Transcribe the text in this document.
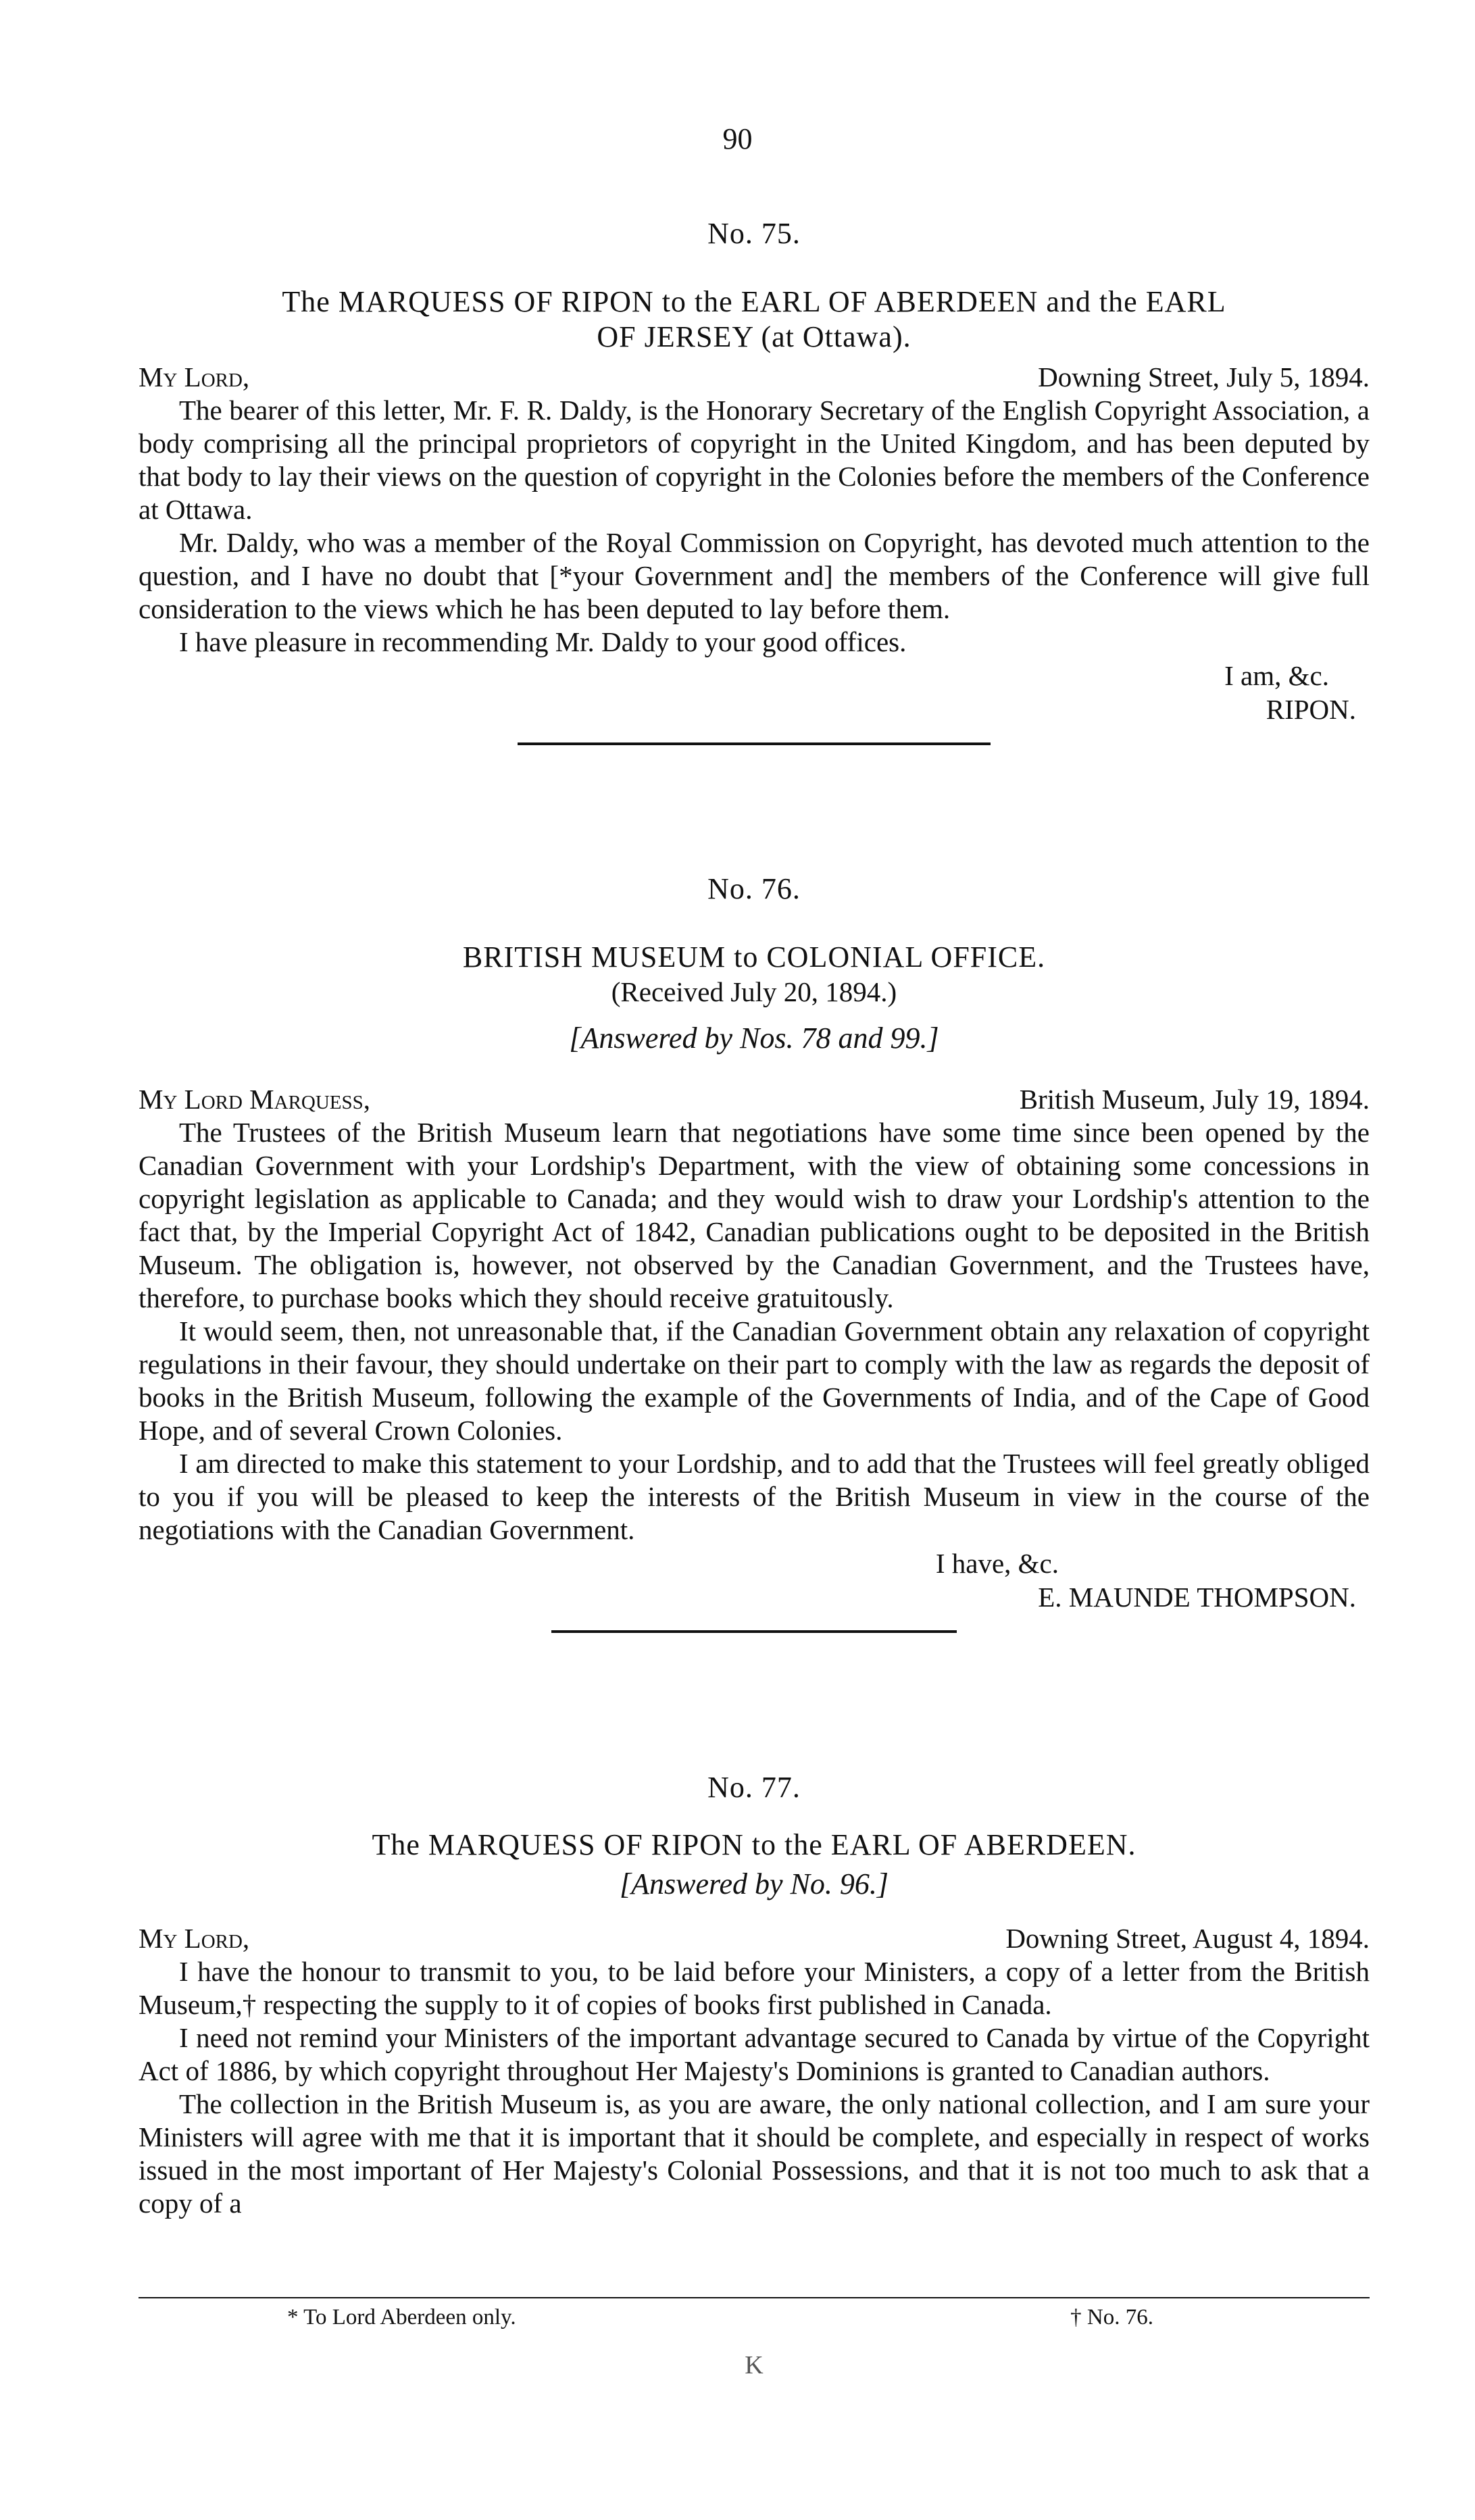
90
No. 75.
The MARQUESS OF RIPON to the EARL OF ABERDEEN and the EARL
OF JERSEY (at Ottawa).
My Lord,	Downing Street, July 5, 1894.

The bearer of this letter, Mr. F. R. Daldy, is the Honorary Secretary of the English Copyright Association, a body comprising all the principal proprietors of copyright in the United Kingdom, and has been deputed by that body to lay their views on the question of copyright in the Colonies before the members of the Conference at Ottawa.

Mr. Daldy, who was a member of the Royal Commission on Copyright, has devoted much attention to the question, and I have no doubt that [*your Government and] the members of the Conference will give full consideration to the views which he has been deputed to lay before them.

I have pleasure in recommending Mr. Daldy to your good offices.

I am, &c.
RIPON.
No. 76.
BRITISH MUSEUM to COLONIAL OFFICE.
(Received July 20, 1894.)
[Answered by Nos. 78 and 99.]
My Lord Marquess,	British Museum, July 19, 1894.

The Trustees of the British Museum learn that negotiations have some time since been opened by the Canadian Government with your Lordship's Department, with the view of obtaining some concessions in copyright legislation as applicable to Canada; and they would wish to draw your Lordship's attention to the fact that, by the Imperial Copyright Act of 1842, Canadian publications ought to be deposited in the British Museum. The obligation is, however, not observed by the Canadian Government, and the Trustees have, therefore, to purchase books which they should receive gratuitously.

It would seem, then, not unreasonable that, if the Canadian Government obtain any relaxation of copyright regulations in their favour, they should undertake on their part to comply with the law as regards the deposit of books in the British Museum, following the example of the Governments of India, and of the Cape of Good Hope, and of several Crown Colonies.

I am directed to make this statement to your Lordship, and to add that the Trustees will feel greatly obliged to you if you will be pleased to keep the interests of the British Museum in view in the course of the negotiations with the Canadian Government.

I have, &c.
E. MAUNDE THOMPSON.
No. 77.
The MARQUESS OF RIPON to the EARL OF ABERDEEN.
[Answered by No. 96.]
My Lord,	Downing Street, August 4, 1894.

I have the honour to transmit to you, to be laid before your Ministers, a copy of a letter from the British Museum,† respecting the supply to it of copies of books first published in Canada.

I need not remind your Ministers of the important advantage secured to Canada by virtue of the Copyright Act of 1886, by which copyright throughout Her Majesty's Dominions is granted to Canadian authors.

The collection in the British Museum is, as you are aware, the only national collection, and I am sure your Ministers will agree with me that it is important that it should be complete, and especially in respect of works issued in the most important of Her Majesty's Colonial Possessions, and that it is not too much to ask that a copy of a

* To Lord Aberdeen only.	† No. 76.
K
